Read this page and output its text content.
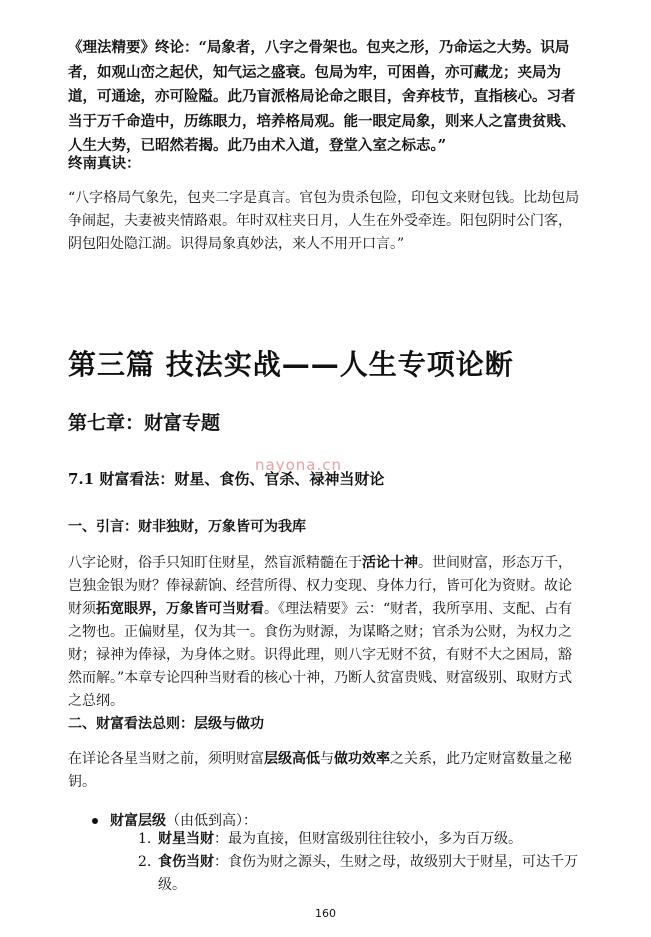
《理法精要》终论：“局象者，八字之骨架也。包夹之形，乃命运之大势。识局者，如观山峦之起伏，知气运之盛衰。包局为牢，可困兽，亦可藏龙；夹局为道，可通途，亦可险隘。此乃盲派格局论命之眼目，舍弃枝节，直指核心。习者当于万千命造中，历练眼力，培养格局观。能一眼定局象，则来人之富贵贫贱、人生大势，已昭然若揭。此乃由术入道，登堂入室之标志。”
终南真诀：
“八字格局气象先，包夹二字是真言。官包为贵杀包险，印包文来财包钱。比劫包局争闹起，夫妻被夹情路艰。年时双柱夹日月，人生在外受牵连。阳包阴时公门客，阴包阳处隐江湖。识得局象真妙法，来人不用开口言。”
第三篇 技法实战——人生专项论断
第七章：财富专题
nayona.cn
7.1 财富看法：财星、食伤、官杀、禄神当财论
一、引言：财非独财，万象皆可为我库
八字论财，俗手只知盯住财星，然盲派精髓在于活论十神。世间财富，形态万千，岂独金银为财？俸禄薪饷、经营所得、权力变现、身体力行，皆可化为资财。故论财须拓宽眼界，万象皆可当财看。《理法精要》云：“财者，我所享用、支配、占有之物也。正偏财星，仅为其一。食伤为财源，为谋略之财；官杀为公财，为权力之财；禄神为俸禄，为身体之财。识得此理，则八字无财不贫，有财不大之困局，豁然而解。”本章专论四种当财看的核心十神，乃断人贫富贵贱、财富级别、取财方式之总纲。
二、财富看法总则：层级与做功
在详论各星当财之前，须明财富层级高低与做功效率之关系，此乃定财富数量之秘钥。
财富层级（由低到高）：
1. 财星当财：最为直接，但财富级别往往较小，多为百万级。
2. 食伤当财：食伤为财之源头，生财之母，故级别大于财星，可达千万级。
160
